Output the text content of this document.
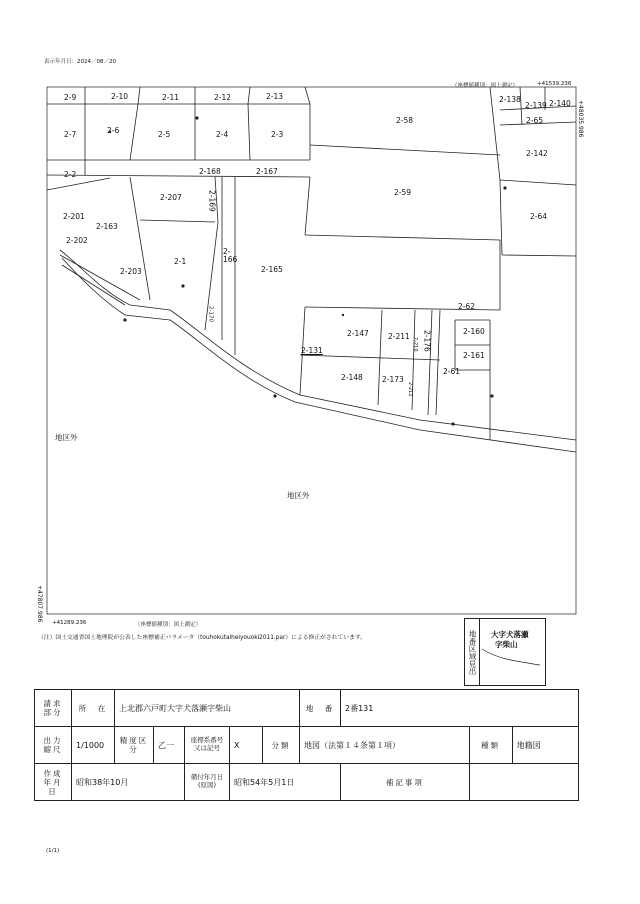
表示年月日：2024／08／20
（座標値種別：図上測定）	+41539.236
+48035.986
+47807.986
+41289.236	（座標値種別：図上測定）
2-9	2-10	2-11	2-12	2-13
2-58
2-138
2-139 2-140
2-65
2-7	2-6	2-5	2-4	2-3
2-142
2-2	2-168	2-167
2-207	2-169	2-59
2-64
2-201
2-163
2-202
2-1
2-166
2-165
2-203
2-170	2-62
2-147	2-211 2-176	2-160
2-131	2-210
2-161
2-148	2-173
2-61
2-212
地区外
地区外
（注）国土交通省国土地理院が公表した座標補正パラメータ（touhokutaiheiyouoki2011.par）による修正がされています。	地番区域見出	大字犬落瀬
字柴山
請求部分	所　在	上北郡六戸町大字犬落瀬字柴山					地　番	2番131		
出力縮尺	1/1000	精度区分	乙一	座標系番号又は記号	X	分類	地図（法第１４条第１項）		種類	地籍図
作成年月日	昭和38年10月			備付年月日(原図)	昭和54年5月1日			補記事項		
(1/1)
